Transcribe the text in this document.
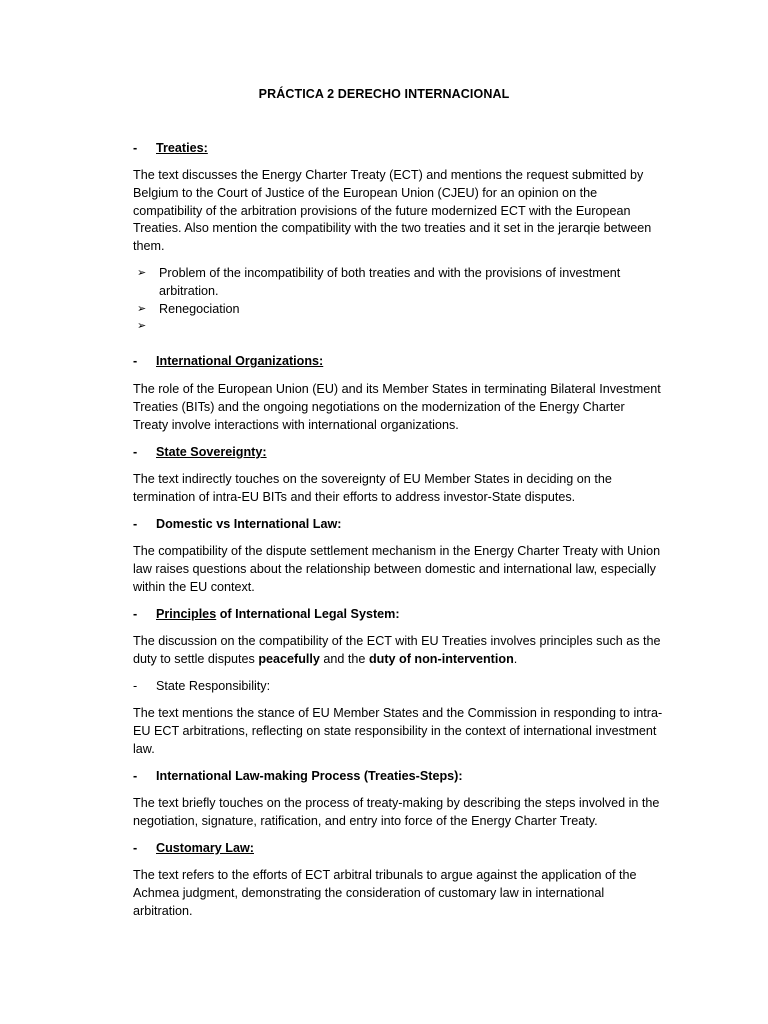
PRÁCTICA 2 DERECHO INTERNACIONAL
-	Treaties:

The text discusses the Energy Charter Treaty (ECT) and mentions the request submitted by Belgium to the Court of Justice of the European Union (CJEU) for an opinion on the compatibility of the arbitration provisions of the future modernized ECT with the European Treaties. Also mention the compatibility with the two treaties and it set in the jerarqie between them.

➢	Problem of the incompatibility of both treaties and with the provisions of investment arbitration.
➢	Renegociation
➢
-	International Organizations:

The role of the European Union (EU) and its Member States in terminating Bilateral Investment Treaties (BITs) and the ongoing negotiations on the modernization of the Energy Charter Treaty involve interactions with international organizations.

-	State Sovereignty:

The text indirectly touches on the sovereignty of EU Member States in deciding on the termination of intra-EU BITs and their efforts to address investor-State disputes.

-	Domestic vs International Law:

The compatibility of the dispute settlement mechanism in the Energy Charter Treaty with Union law raises questions about the relationship between domestic and international law, especially within the EU context.

-	Principles of International Legal System:

The discussion on the compatibility of the ECT with EU Treaties involves principles such as the duty to settle disputes peacefully and the duty of non-intervention.

-	State Responsibility:

The text mentions the stance of EU Member States and the Commission in responding to intra-EU ECT arbitrations, reflecting on state responsibility in the context of international investment law.

-	International Law-making Process (Treaties-Steps):

The text briefly touches on the process of treaty-making by describing the steps involved in the negotiation, signature, ratification, and entry into force of the Energy Charter Treaty.

-	Customary Law:

The text refers to the efforts of ECT arbitral tribunals to argue against the application of the Achmea judgment, demonstrating the consideration of customary law in international arbitration.
